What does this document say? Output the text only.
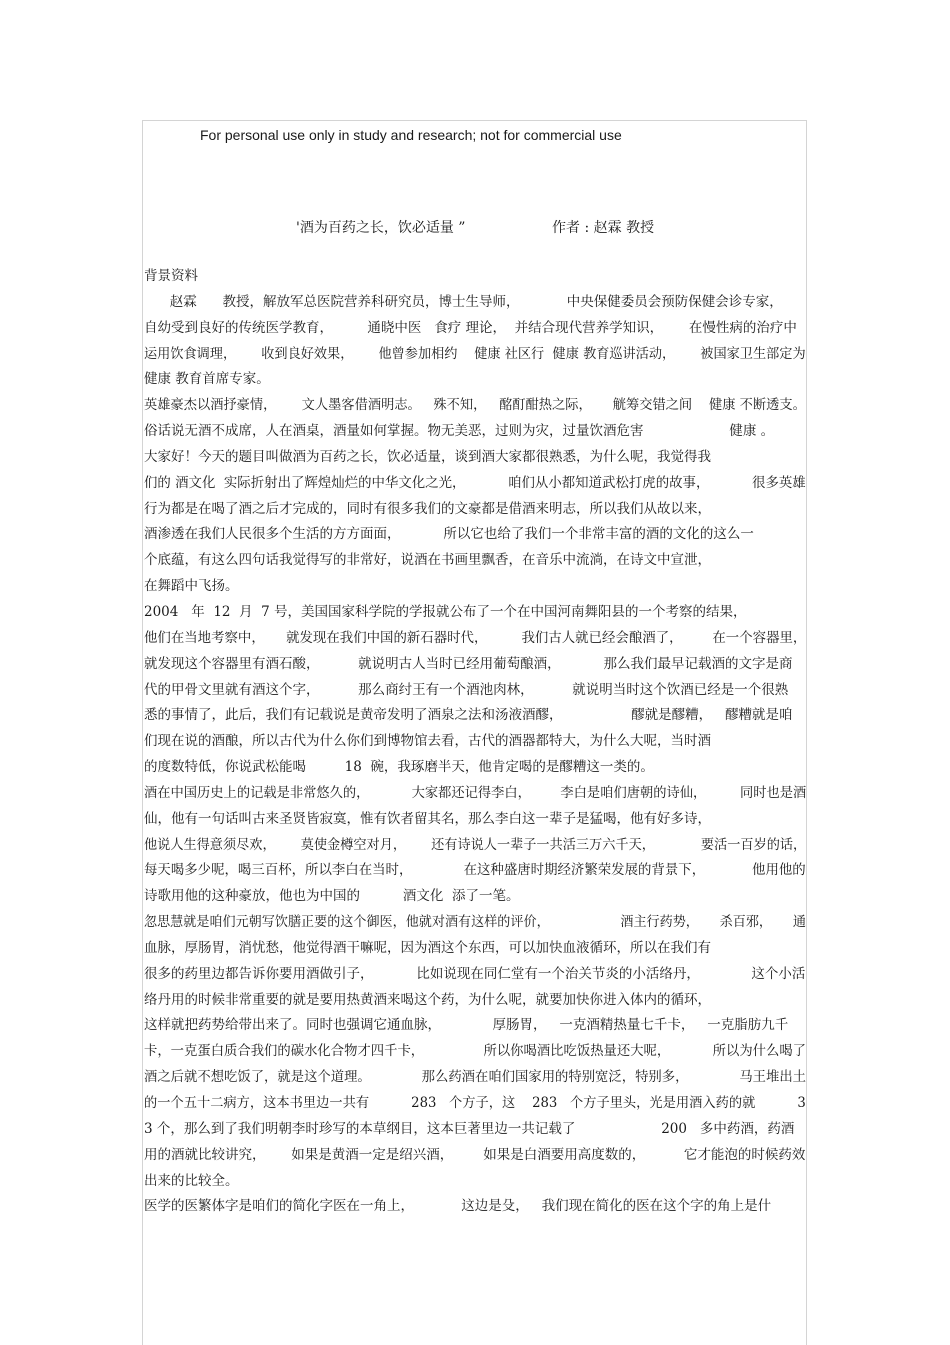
For personal use only in study and research; not for commercial use
'酒为百药之长，饮必适量 ”	作者 : 赵霖 教授
背景资料
赵霖      教授，解放军总医院营养科研究员，博士生导师，           中央保健委员会预防保健会诊专家，
自幼受到良好的传统医学教育，        通晓中医   食疗 理论，  并结合现代营养学知识，      在慢性病的治疗中
运用饮食调理，      收到良好效果，      他曾参加相约    健康 社区行  健康 教育巡讲活动，      被国家卫生部定为
健康 教育首席专家。
英雄豪杰以酒抒豪情，      文人墨客借酒明志。   殊不知，   酩酊酣热之际，     觥筹交错之间    健康 不断透支。
俗话说无酒不成席，人在酒桌，酒量如何掌握。物无美恶，过则为灾，过量饮酒危害                    健康 。
大家好！今天的题目叫做酒为百药之长，饮必适量，谈到酒大家都很熟悉，为什么呢，我觉得我
们的 酒文化  实际折射出了辉煌灿烂的中华文化之光，          咱们从小都知道武松打虎的故事，          很多英雄
行为都是在喝了酒之后才完成的，同时有很多我们的文豪都是借酒来明志，所以我们从故以来，
酒渗透在我们人民很多个生活的方方面面，          所以它也给了我们一个非常丰富的酒的文化的这么一
个底蕴，有这么四句话我觉得写的非常好，说酒在书画里飘香，在音乐中流淌，在诗文中宣泄，
在舞蹈中飞扬。
2004   年  12  月  7 号，美国国家科学院的学报就公布了一个在中国河南舞阳县的一个考察的结果，
他们在当地考察中，     就发现在我们中国的新石器时代，        我们古人就已经会酿酒了，       在一个容器里，
就发现这个容器里有酒石酸，         就说明古人当时已经用葡萄酿酒，          那么我们最早记载酒的文字是商
代的甲骨文里就有酒这个字，         那么商纣王有一个酒池肉林，         就说明当时这个饮酒已经是一个很熟
悉的事情了，此后，我们有记载说是黄帝发明了酒泉之法和汤液酒醪，                醪就是醪糟，   醪糟就是咱
们现在说的酒酿，所以古代为什么你们到博物馆去看，古代的酒器都特大，为什么大呢，当时酒
的度数特低，你说武松能喝         18  碗，我琢磨半天，他肯定喝的是醪糟这一类的。
酒在中国历史上的记载是非常悠久的，          大家都还记得李白，       李白是咱们唐朝的诗仙，        同时也是酒
仙，他有一句话叫古来圣贤皆寂寞，惟有饮者留其名，那么李白这一辈子是猛喝，他有好多诗，
他说人生得意须尽欢，      莫使金樽空对月，      还有诗说人一辈子一共活三万六千天，           要活一百岁的话，
每天喝多少呢，喝三百杯，所以李白在当时，            在这种盛唐时期经济繁荣发展的背景下，           他用他的
诗歌用他的这种豪放，他也为中国的          酒文化  添了一笔。
忽思慧就是咱们元朝写饮膳正要的这个御医，他就对酒有这样的评价，                 酒主行药势，     杀百邪，     通
血脉，厚肠胃，消忧愁，他觉得酒干嘛呢，因为酒这个东西，可以加快血液循环，所以在我们有
很多的药里边都告诉你要用酒做引子，          比如说现在同仁堂有一个治关节炎的小活络丹，            这个小活
络丹用的时候非常重要的就是要用热黄酒来喝这个药，为什么呢，就要加快你进入体内的循环，
这样就把药势给带出来了。同时也强调它通血脉，            厚肠胃，   一克酒精热量七千卡，   一克脂肪九千
卡，一克蛋白质合我们的碳水化合物才四千卡，              所以你喝酒比吃饭热量还大呢，          所以为什么喝了
酒之后就不想吃饭了，就是这个道理。            那么药酒在咱们国家用的特别宽泛，特别多，            马王堆出土
的一个五十二病方，这本书里边一共有          283   个方子，这    283   个方子里头，光是用酒入药的就          3
3 个，那么到了我们明朝李时珍写的本草纲目，这本巨著里边一共记载了                    200   多中药酒，药酒
用的酒就比较讲究，      如果是黄酒一定是绍兴酒，       如果是白酒要用高度数的，         它才能泡的时候药效
出来的比较全。
医学的医繁体字是咱们的简化字医在一角上，           这边是殳，   我们现在简化的医在这个字的角上是什
